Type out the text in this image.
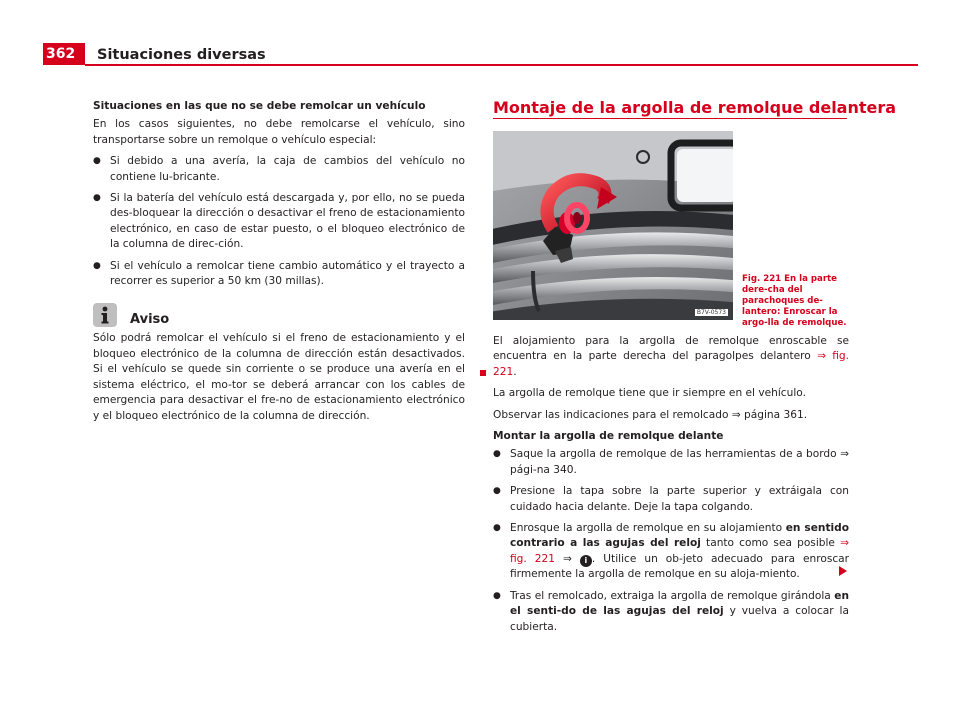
362	Situaciones diversas

Situaciones en las que no se debe remolcar un vehículo

En los casos siguientes, no debe remolcarse el vehículo, sino transportarse sobre un remolque o vehículo especial:

● Si debido a una avería, la caja de cambios del vehículo no contiene lu-bricante.
● Si la batería del vehículo está descargada y, por ello, no se pueda des-bloquear la dirección o desactivar el freno de estacionamiento electrónico, en caso de estar puesto, o el bloqueo electrónico de la columna de direc-ción.
● Si el vehículo a remolcar tiene cambio automático y el trayecto a recorrer es superior a 50 km (30 millas).
Aviso

Sólo podrá remolcar el vehículo si el freno de estacionamiento y el bloqueo electrónico de la columna de dirección están desactivados. Si el vehículo se quede sin corriente o se produce una avería en el sistema eléctrico, el mo-tor se deberá arrancar con los cables de emergencia para desactivar el fre-no de estacionamiento electrónico y el bloqueo electrónico de la columna de dirección.

Montaje de la argolla de remolque delantera
B7V-0573
Fig. 221 En la parte dere-cha del parachoques de-lantero: Enroscar la argo-lla de remolque.

El alojamiento para la argolla de remolque enroscable se encuentra en la parte derecha del paragolpes delantero ⇒ fig. 221.

La argolla de remolque tiene que ir siempre en el vehículo.

Observar las indicaciones para el remolcado ⇒ página 361.

Montar la argolla de remolque delante

● Saque la argolla de remolque de las herramientas de a bordo ⇒ pági-na 340.
● Presione la tapa sobre la parte superior y extráigala con cuidado hacia delante. Deje la tapa colgando.
● Enrosque la argolla de remolque en su alojamiento en sentido contrario a las agujas del reloj tanto como sea posible ⇒ fig. 221 ⇒ i . Utilice un ob-jeto adecuado para enroscar firmemente la argolla de remolque en su aloja-miento.
● Tras el remolcado, extraiga la argolla de remolque girándola en el senti-do de las agujas del reloj y vuelva a colocar la cubierta.
